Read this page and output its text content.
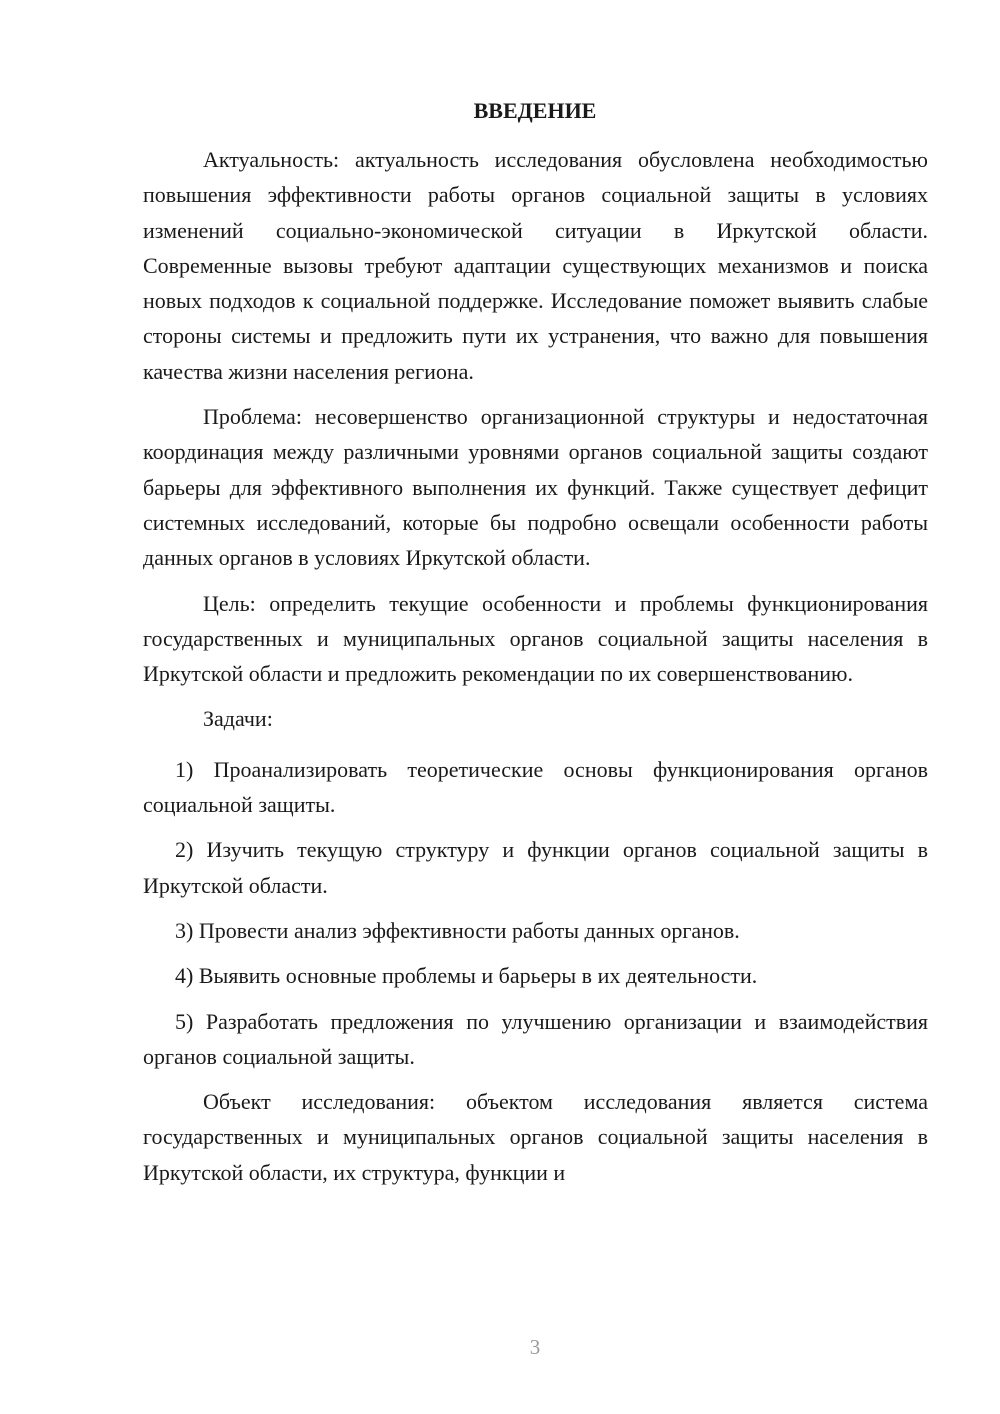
ВВЕДЕНИЕ

Актуальность: актуальность исследования обусловлена необходимостью повышения эффективности работы органов социальной защиты в условиях изменений социально-экономической ситуации в Иркутской области. Современные вызовы требуют адаптации существующих механизмов и поиска новых подходов к социальной поддержке. Исследование поможет выявить слабые стороны системы и предложить пути их устранения, что важно для повышения качества жизни населения региона.

Проблема: несовершенство организационной структуры и недостаточная координация между различными уровнями органов социальной защиты создают барьеры для эффективного выполнения их функций. Также существует дефицит системных исследований, которые бы подробно освещали особенности работы данных органов в условиях Иркутской области.

Цель: определить текущие особенности и проблемы функционирования государственных и муниципальных органов социальной защиты населения в Иркутской области и предложить рекомендации по их совершенствованию.

Задачи:

1) Проанализировать теоретические основы функционирования органов социальной защиты.

2) Изучить текущую структуру и функции органов социальной защиты в Иркутской области.

3) Провести анализ эффективности работы данных органов.

4) Выявить основные проблемы и барьеры в их деятельности.

5) Разработать предложения по улучшению организации и взаимодействия органов социальной защиты.

Объект исследования: объектом исследования является система государственных и муниципальных органов социальной защиты населения в Иркутской области, их структура, функции и

3
